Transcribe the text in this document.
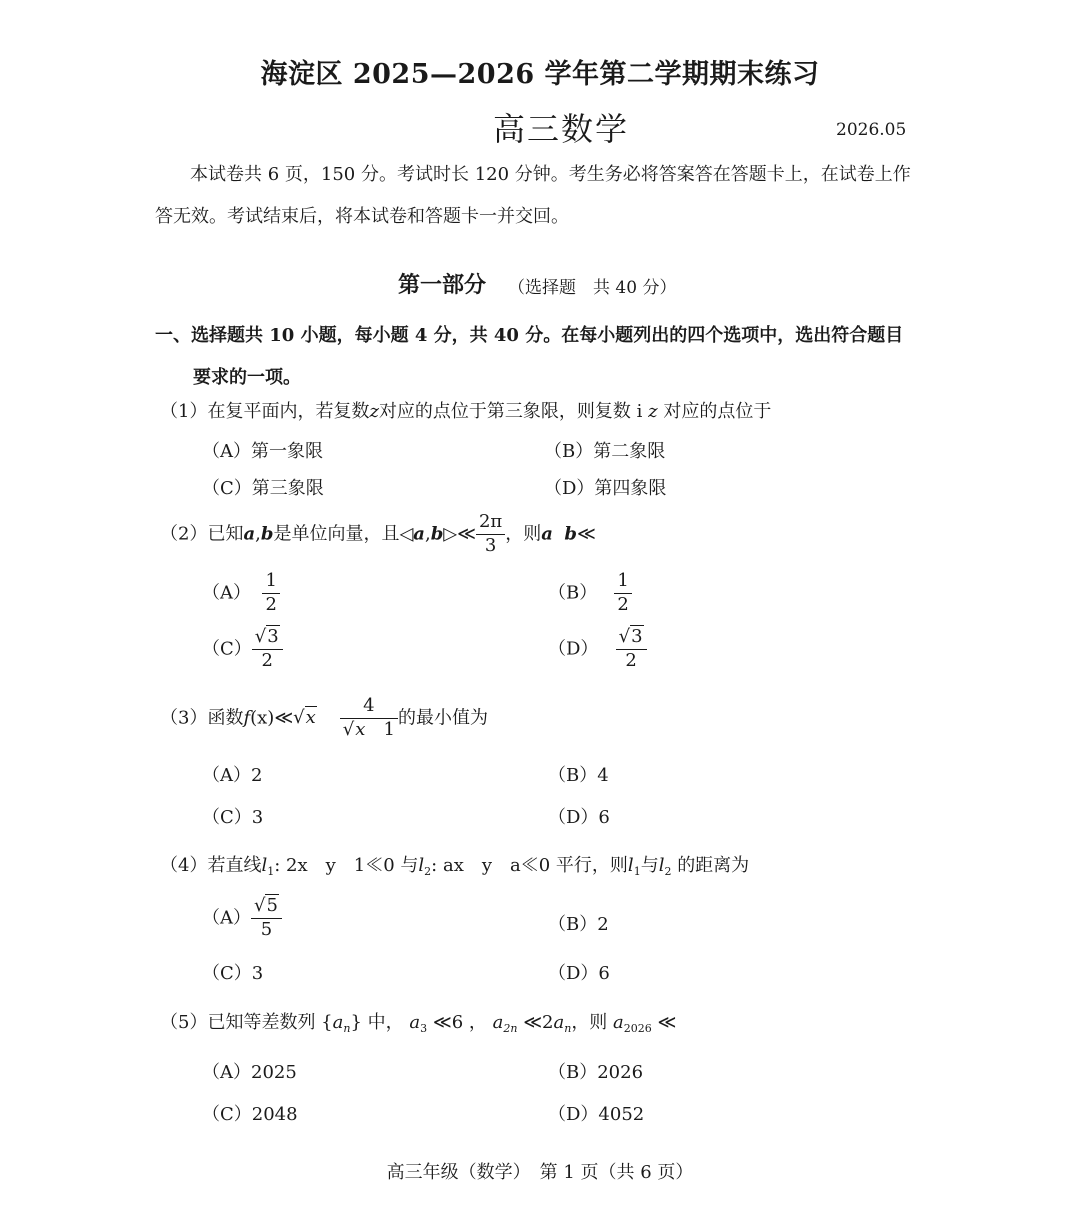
海淀区 2025—2026 学年第二学期期末练习
高三数学	2026.05
本试卷共 6 页，150 分。考试时长 120 分钟。考生务必将答案答在答题卡上，在试卷上作
答无效。考试结束后，将本试卷和答题卡一并交回。
第一部分 （选择题　共 40 分）
一、选择题共 10 小题，每小题 4 分，共 40 分。在每小题列出的四个选项中，选出符合题目
要求的一项。
（1）在复平面内，若复数z对应的点位于第三象限，则复数 i z 对应的点位于
（A）第一象限	（B）第二象限
（C）第三象限	（D）第四象限
（2）已知a,b是单位向量，且◁a,b▷≪ $\frac{2\pi}{3}$ ，则a b≪
$(A) \frac{1}{2}$	$(B) \frac{1}{2}$
$(C) \frac{√3}{2}$	$(D) \frac{√3}{2}$
（3）函数f(x)≪√x $\frac{4}{√x 1}$ 的最小值为
（A）2	（B）4
（C）3	（D）6
（4）若直线$l_1$: 2x　y　1≪0 与$l_2$: ax　y　a≪0 平行，则$l_1$与$l_2$ 的距离为
$(A) \frac{√5}{5}$	（B）2
（C）3	（D）6
（5）已知等差数列 $\{a_n\}$ 中， $a_3$ ≪6 ， $a_{2n}$ $≪2a_n$，则 $a_{2026}$ ≪
（A）2025	（B）2026
（C）2048	（D）4052
高三年级（数学）　第 1 页（共 6 页）
